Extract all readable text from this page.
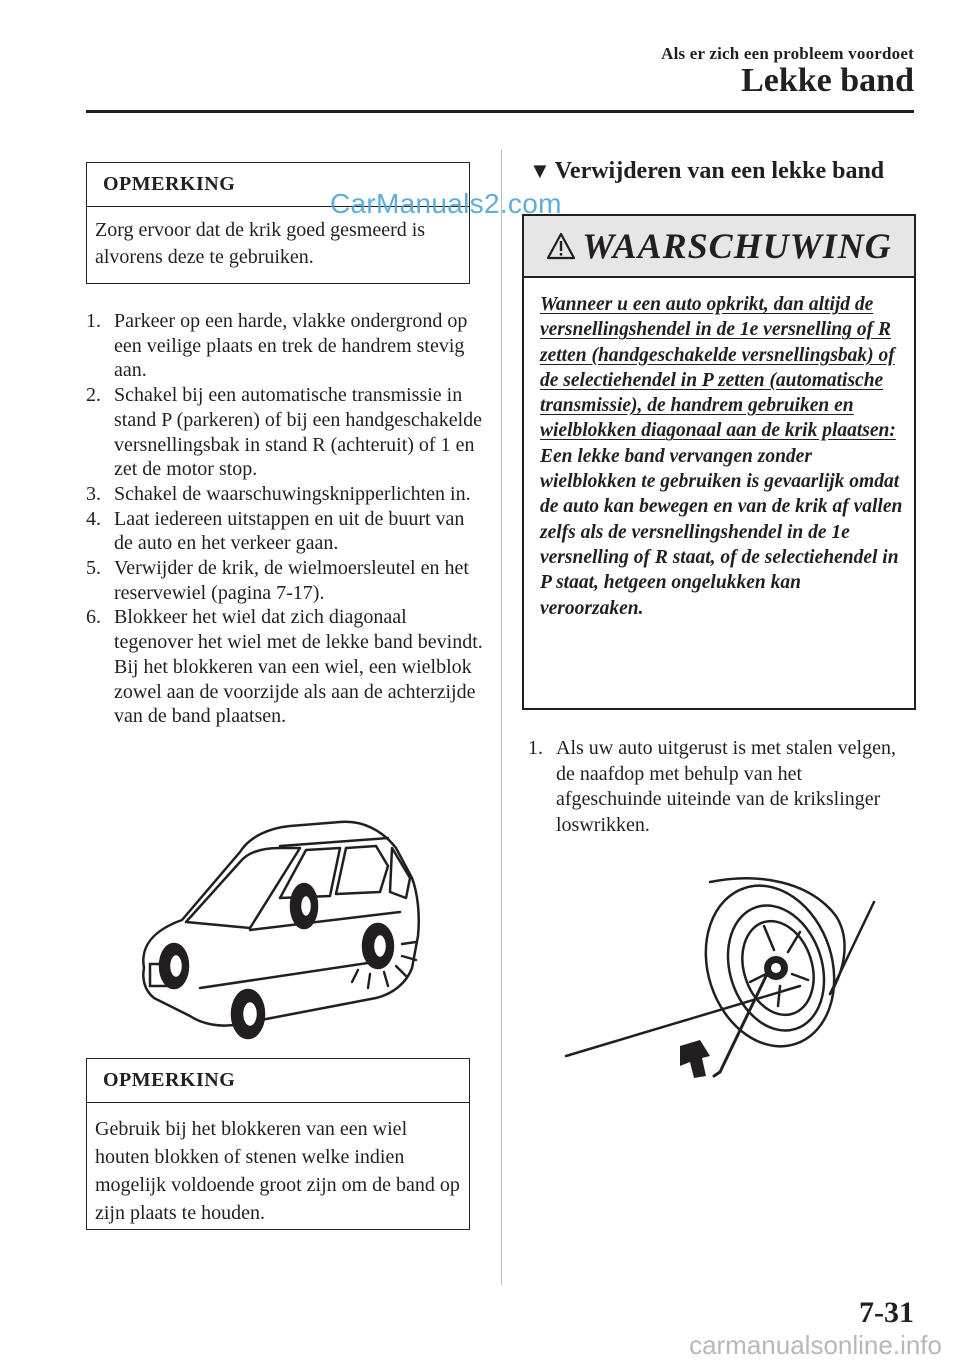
Als er zich een probleem voordoet
Lekke band
OPMERKING
Zorg ervoor dat de krik goed gesmeerd is alvorens deze te gebruiken.
1. Parkeer op een harde, vlakke ondergrond op een veilige plaats en trek de handrem stevig aan.
2. Schakel bij een automatische transmissie in stand P (parkeren) of bij een handgeschakelde versnellingsbak in stand R (achteruit) of 1 en zet de motor stop.
3. Schakel de waarschuwingsknipperlichten in.
4. Laat iedereen uitstappen en uit de buurt van de auto en het verkeer gaan.
5. Verwijder de krik, de wielmoersleutel en het reservewiel (pagina 7-17).
6. Blokkeer het wiel dat zich diagonaal tegenover het wiel met de lekke band bevindt. Bij het blokkeren van een wiel, een wielblok zowel aan de voorzijde als aan de achterzijde van de band plaatsen.
OPMERKING
Gebruik bij het blokkeren van een wiel houten blokken of stenen welke indien mogelijk voldoende groot zijn om de band op zijn plaats te houden.
▼ Verwijderen van een lekke band
WAARSCHUWING
Wanneer u een auto opkrikt, dan altijd de versnellingshendel in de 1e versnelling of R zetten (handgeschakelde versnellingsbak) of de selectiehendel in P zetten (automatische transmissie), de handrem gebruiken en wielblokken diagonaal aan de krik plaatsen: Een lekke band vervangen zonder wielblokken te gebruiken is gevaarlijk omdat de auto kan bewegen en van de krik af vallen zelfs als de versnellingshendel in de 1e versnelling of R staat, of de selectiehendel in P staat, hetgeen ongelukken kan veroorzaken.
1. Als uw auto uitgerust is met stalen velgen, de naafdop met behulp van het afgeschuinde uiteinde van de krikslinger loswrikken.
7-31
CarManuals2.com
carmanualsonline.info
